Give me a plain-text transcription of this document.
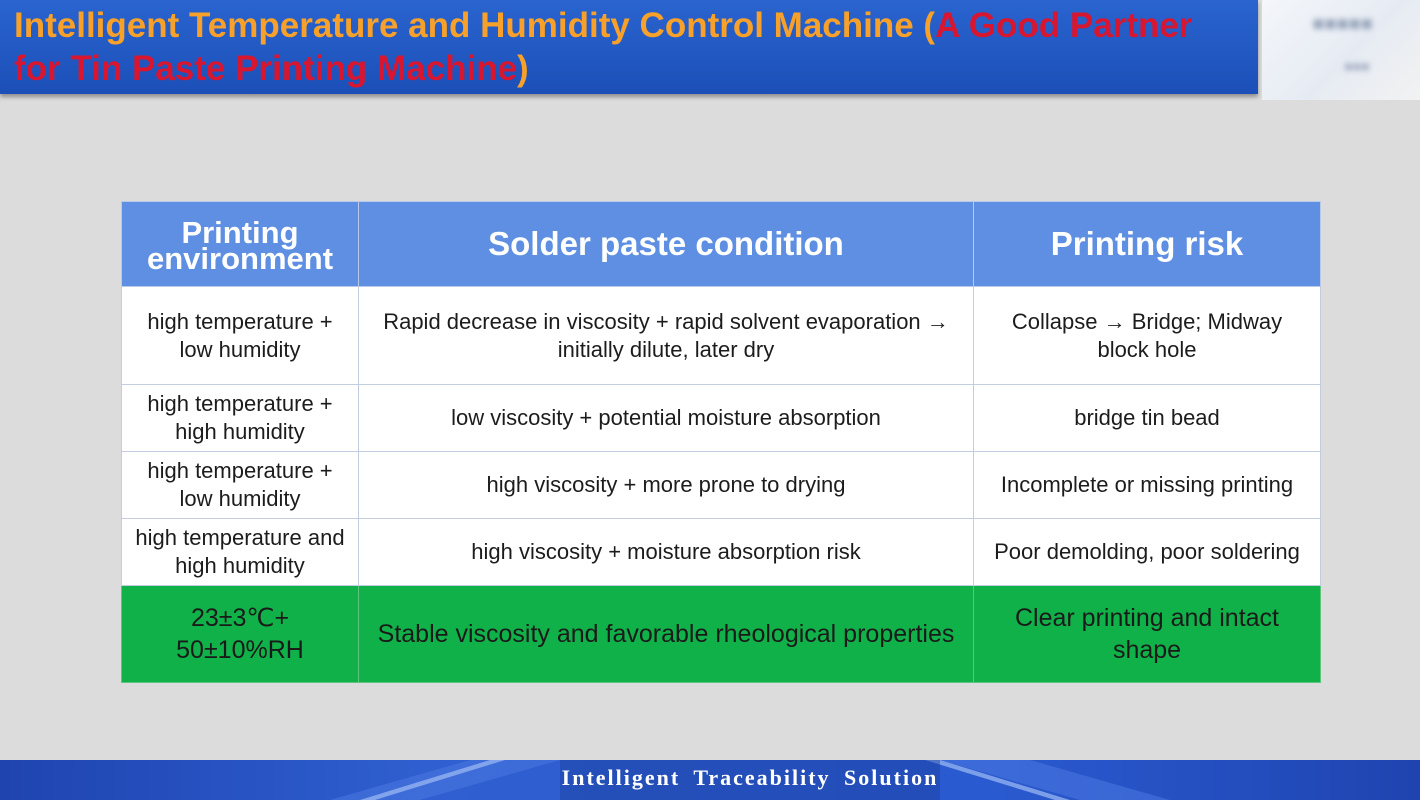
Intelligent Temperature and Humidity Control Machine (A Good Partner for Tin Paste Printing Machine)
■■■■■
■■■
Printing environment	Solder paste condition	Printing risk
high temperature + low humidity	Rapid decrease in viscosity + rapid solvent evaporation → initially dilute, later dry	Collapse → Bridge; Midway block hole
high temperature + high humidity	low viscosity + potential moisture absorption	bridge tin bead
high temperature + low humidity	high viscosity + more prone to drying	Incomplete or missing printing
high temperature and high humidity	high viscosity + moisture absorption risk	Poor demolding, poor soldering
23±3℃+ 50±10%RH	Stable viscosity and favorable rheological properties	Clear printing and intact shape
Intelligent Traceability Solution
